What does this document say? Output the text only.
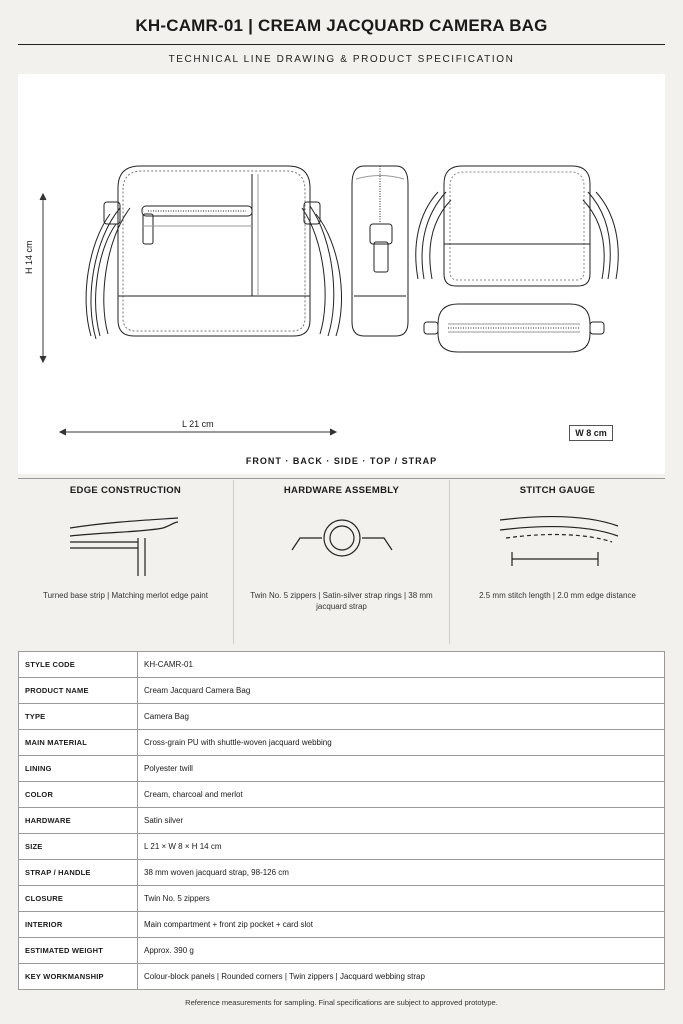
KH-CAMR-01 | CREAM JACQUARD CAMERA BAG
TECHNICAL LINE DRAWING & PRODUCT SPECIFICATION
H 14 cm
L 21 cm
W 8 cm
FRONT · BACK · SIDE · TOP / STRAP
EDGE CONSTRUCTION

Turned base strip | Matching merlot edge paint

HARDWARE ASSEMBLY

Twin No. 5 zippers | Satin-silver strap rings | 38 mm jacquard strap

STITCH GAUGE

2.5 mm stitch length | 2.0 mm edge distance

STYLE CODE	KH-CAMR-01
PRODUCT NAME	Cream Jacquard Camera Bag
TYPE	Camera Bag
MAIN MATERIAL	Cross-grain PU with shuttle-woven jacquard webbing
LINING	Polyester twill
COLOR	Cream, charcoal and merlot
HARDWARE	Satin silver
SIZE	L 21 × W 8 × H 14 cm
STRAP / HANDLE	38 mm woven jacquard strap, 98-126 cm
CLOSURE	Twin No. 5 zippers
INTERIOR	Main compartment + front zip pocket + card slot
ESTIMATED WEIGHT	Approx. 390 g
KEY WORKMANSHIP	Colour-block panels | Rounded corners | Twin zippers | Jacquard webbing strap
Reference measurements for sampling. Final specifications are subject to approved prototype.
